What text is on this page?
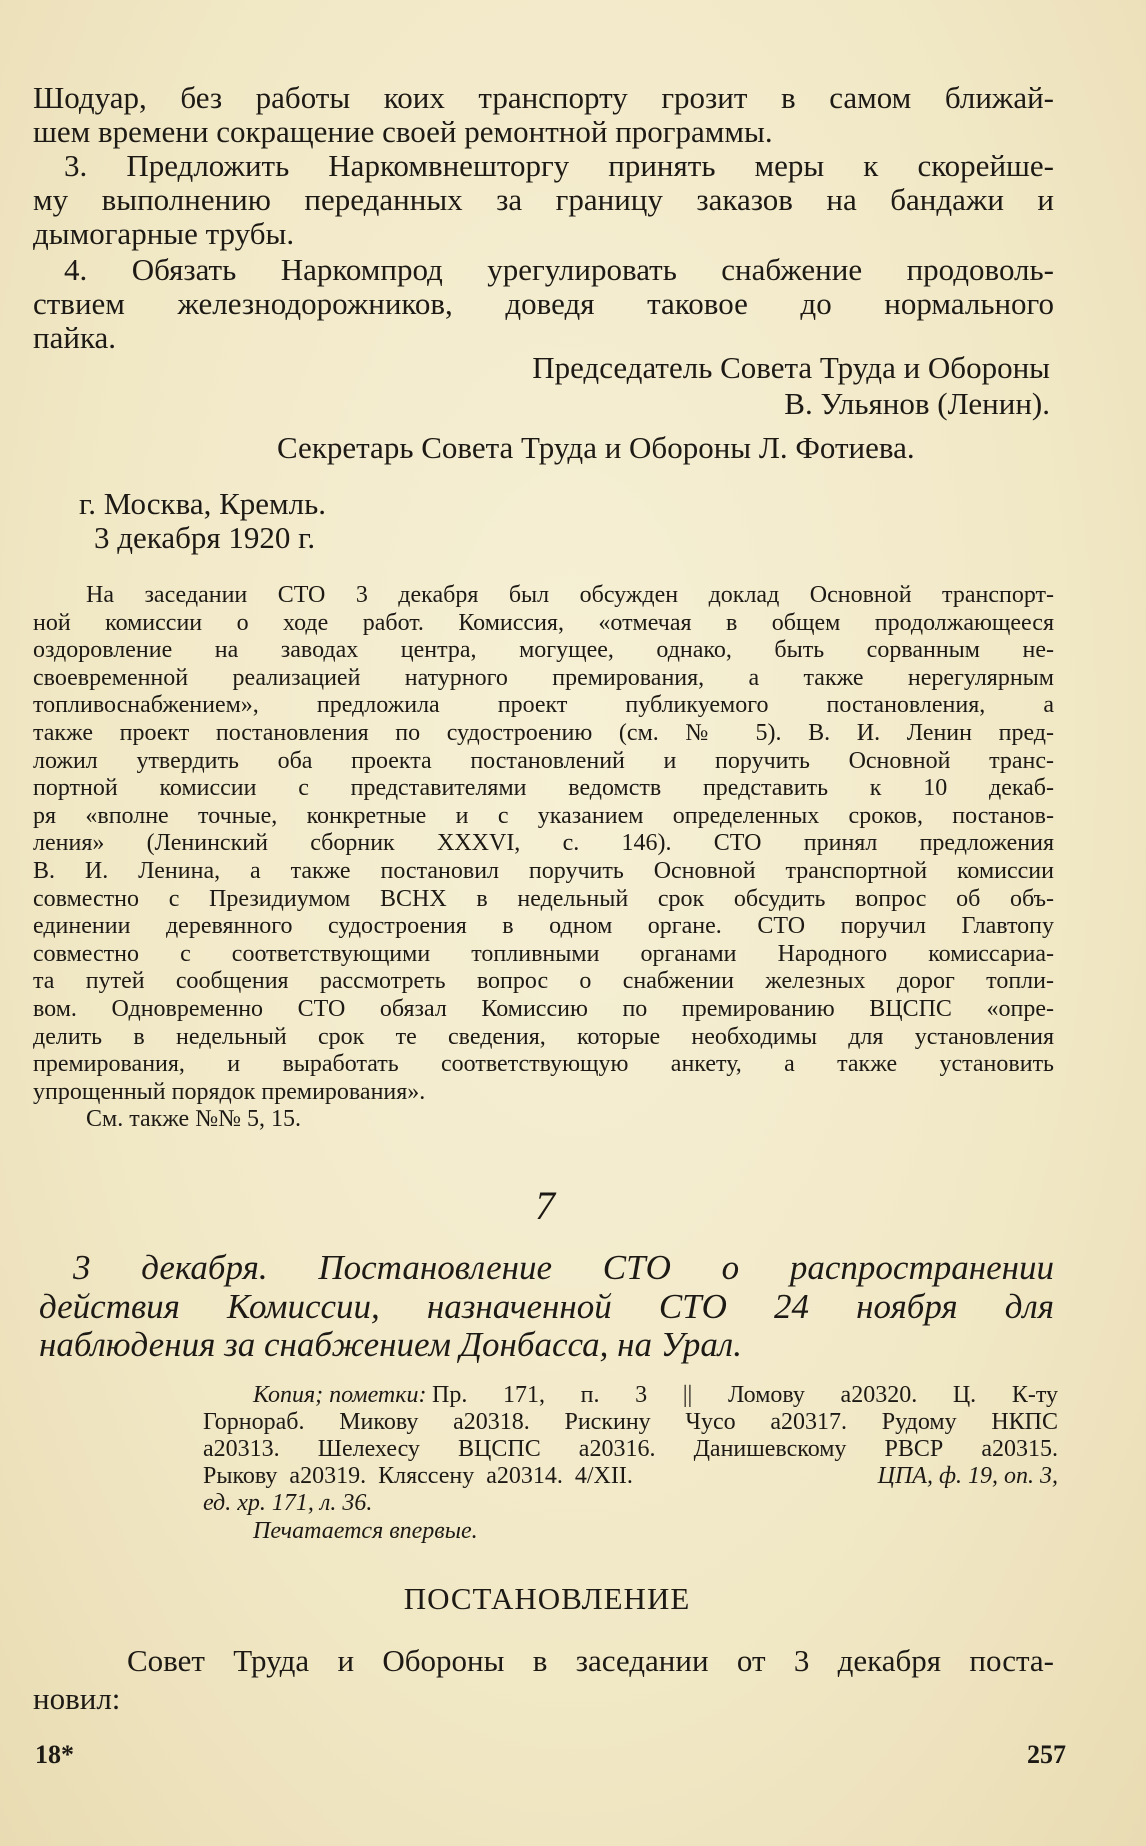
Шодуар, без работы коих транспорту грозит в самом ближай-
шем времени сокращение своей ремонтной программы.
3. Предложить Наркомвнешторгу принять меры к скорейше-
му выполнению переданных за границу заказов на бандажи и
дымогарные трубы.
4. Обязать Наркомпрод урегулировать снабжение продоволь-
ствием железнодорожников, доведя таковое до нормального
пайка.
Председатель Совета Труда и Обороны
В. Ульянов (Ленин).
Секретарь Совета Труда и Обороны Л. Фотиева.
г. Москва, Кремль.
3 декабря 1920 г.
На заседании СТО 3 декабря был обсужден доклад Основной транспорт-
ной комиссии о ходе работ. Комиссия, «отмечая в общем продолжающееся
оздоровление на заводах центра, могущее, однако, быть сорванным не-
своевременной реализацией натурного премирования, а также нерегулярным
топливоснабжением», предложила проект публикуемого постановления, а
также проект постановления по судостроению (см. № 5). В. И. Ленин пред-
ложил утвердить оба проекта постановлений и поручить Основной транс-
портной комиссии с представителями ведомств представить к 10 декаб-
ря «вполне точные, конкретные и с указанием определенных сроков, постанов-
ления» (Ленинский сборник XXXVI, с. 146). СТО принял предложения
В. И. Ленина, а также постановил поручить Основной транспортной комиссии
совместно с Президиумом ВСНХ в недельный срок обсудить вопрос об объ-
единении деревянного судостроения в одном органе. СТО поручил Главтопу
совместно с соответствующими топливными органами Народного комиссариа-
та путей сообщения рассмотреть вопрос о снабжении железных дорог топли-
вом. Одновременно СТО обязал Комиссию по премированию ВЦСПС «опре-
делить в недельный срок те сведения, которые необходимы для установления
премирования, и выработать соответствующую анкету, а также установить
упрощенный порядок премирования».
См. также №№ 5, 15.
7
3 декабря. Постановление СТО о распространении
действия Комиссии, назначенной СТО 24 ноября для
наблюдения за снабжением Донбасса, на Урал.
Копия; пометки: Пр. 171, п. 3 || Ломову а20320. Ц. К-ту
Горнораб. Микову а20318. Рискину Чусо а20317. Рудому НКПС
а20313. Шелехесу ВЦСПС а20316. Данишевскому РВСР а20315.
Рыкову а20319. Кляссену а20314. 4/XII.	ЦПА, ф. 19, оп. 3,
ед. хр. 171, л. 36.
Печатается впервые.
ПОСТАНОВЛЕНИЕ
Совет Труда и Обороны в заседании от 3 декабря поста-
новил:
18*	257
